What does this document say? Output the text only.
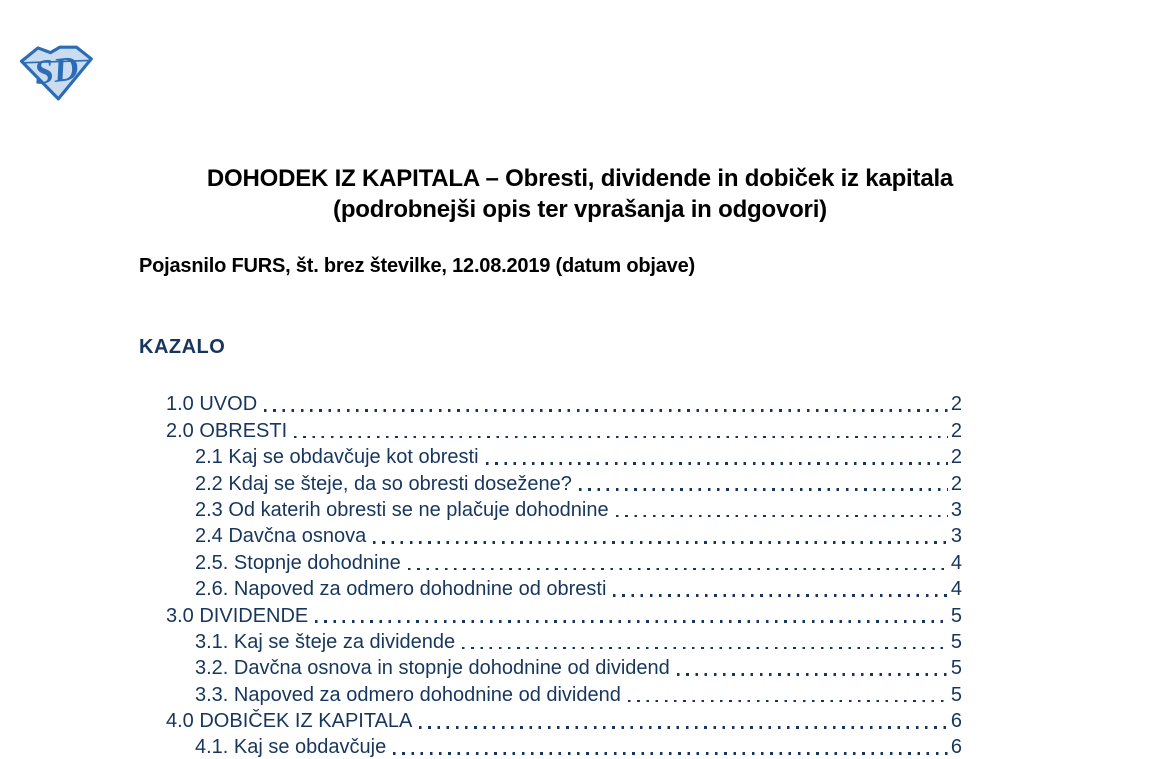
SD
DOHODEK IZ KAPITALA – Obresti, dividende in dobiček iz kapitala
(podrobnejši opis ter vprašanja in odgovori)
Pojasnilo FURS, št. brez številke, 12.08.2019 (datum objave)
KAZALO
1.0 UVOD	2
2.0 OBRESTI	2
2.1 Kaj se obdavčuje kot obresti	2
2.2 Kdaj se šteje, da so obresti dosežene?	2
2.3 Od katerih obresti se ne plačuje dohodnine	3
2.4 Davčna osnova	3
2.5. Stopnje dohodnine	4
2.6. Napoved za odmero dohodnine od obresti	4
3.0 DIVIDENDE	5
3.1. Kaj se šteje za dividende	5
3.2. Davčna osnova in stopnje dohodnine od dividend	5
3.3. Napoved za odmero dohodnine od dividend	5
4.0 DOBIČEK IZ KAPITALA	6
4.1. Kaj se obdavčuje	6
